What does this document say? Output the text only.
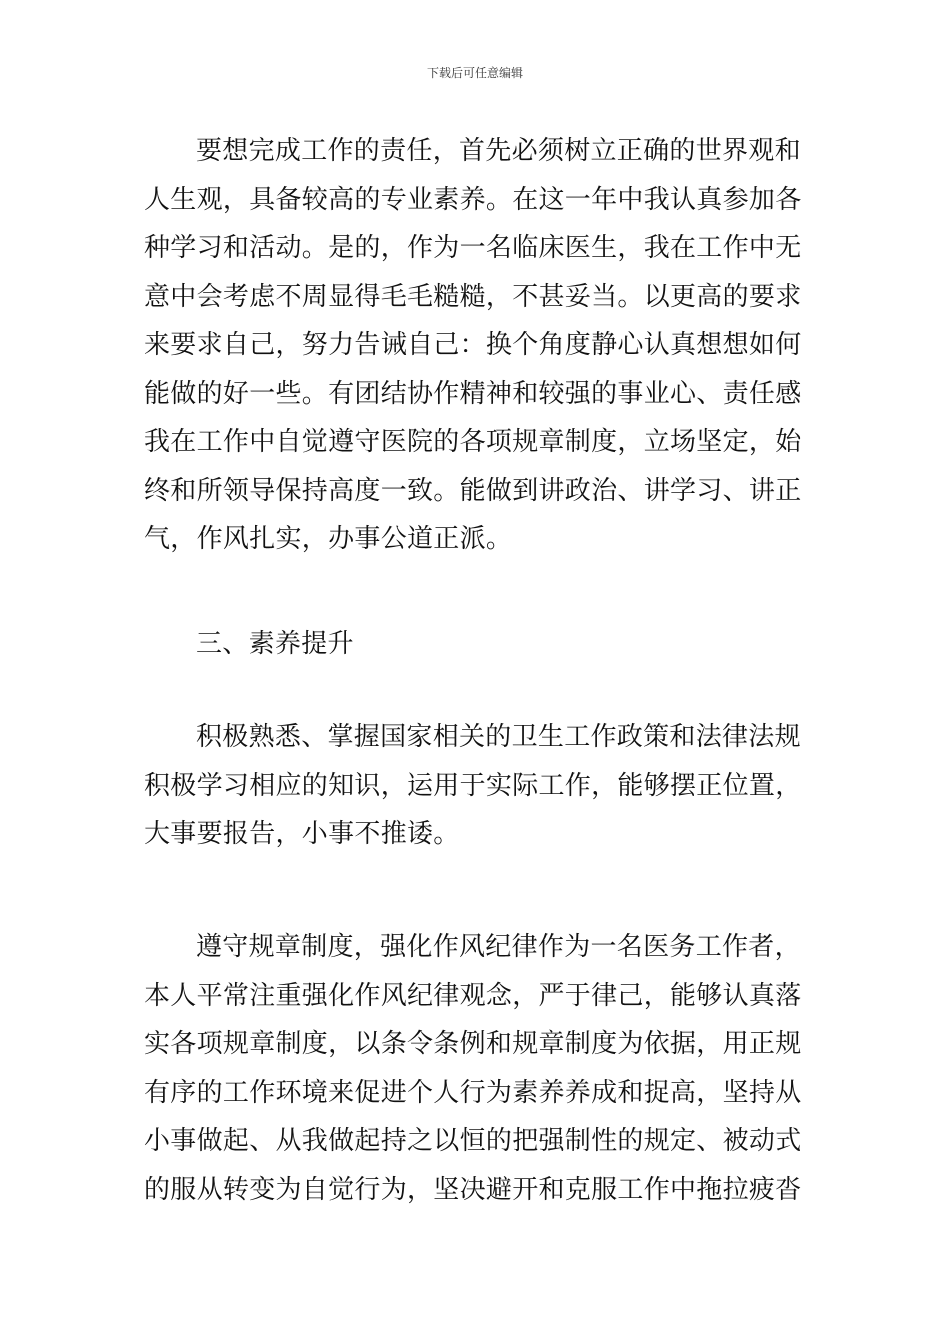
下载后可任意编辑
要想完成工作的责任，首先必须树立正确的世界观和
人生观，具备较高的专业素养。在这一年中我认真参加各
种学习和活动。是的，作为一名临床医生，我在工作中无
意中会考虑不周显得毛毛糙糙，不甚妥当。以更高的要求
来要求自己，努力告诫自己：换个角度静心认真想想如何
能做的好一些。有团结协作精神和较强的事业心、责任感
我在工作中自觉遵守医院的各项规章制度，立场坚定，始
终和所领导保持高度一致。能做到讲政治、讲学习、讲正
气，作风扎实，办事公道正派。
三、素养提升
积极熟悉、掌握国家相关的卫生工作政策和法律法规
积极学习相应的知识，运用于实际工作，能够摆正位置，
大事要报告，小事不推诿。
遵守规章制度，强化作风纪律作为一名医务工作者，
本人平常注重强化作风纪律观念，严于律己，能够认真落
实各项规章制度，以条令条例和规章制度为依据，用正规
有序的工作环境来促进个人行为素养养成和捉高，坚持从
小事做起、从我做起持之以恒的把强制性的规定、被动式
的服从转变为自觉行为，坚决避开和克服工作中拖拉疲沓
